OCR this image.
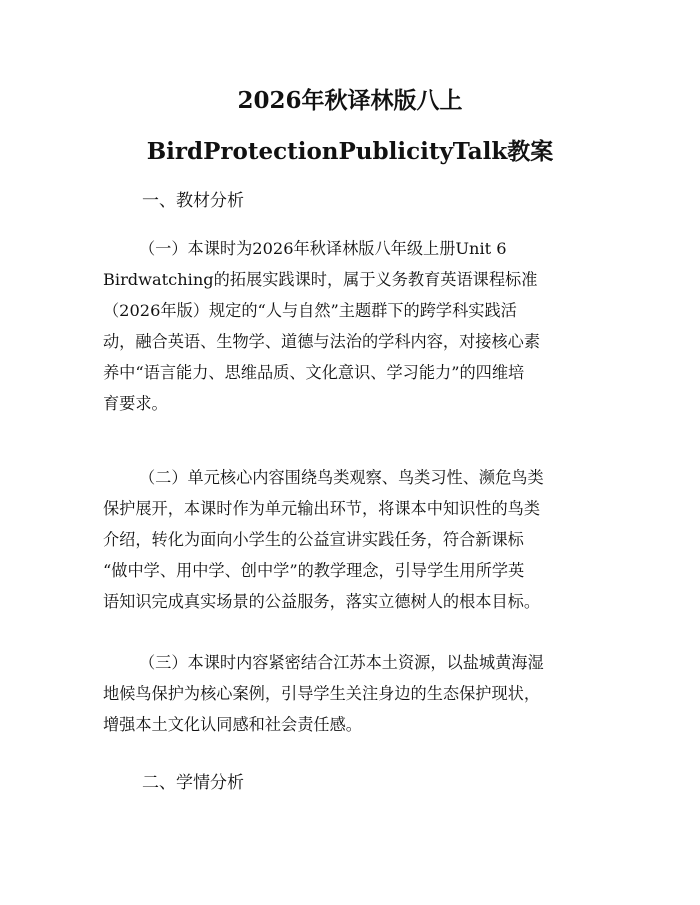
2026年秋译林版八上
BirdProtectionPublicityTalk教案
一、教材分析
（一）本课时为2026年秋译林版八年级上册Unit 6
Birdwatching的拓展实践课时，属于义务教育英语课程标准
（2026年版）规定的“人与自然”主题群下的跨学科实践活
动，融合英语、生物学、道德与法治的学科内容，对接核心素
养中“语言能力、思维品质、文化意识、学习能力”的四维培
育要求。
（二）单元核心内容围绕鸟类观察、鸟类习性、濒危鸟类
保护展开，本课时作为单元输出环节，将课本中知识性的鸟类
介绍，转化为面向小学生的公益宣讲实践任务，符合新课标
“做中学、用中学、创中学”的教学理念，引导学生用所学英
语知识完成真实场景的公益服务，落实立德树人的根本目标。
（三）本课时内容紧密结合江苏本土资源，以盐城黄海湿
地候鸟保护为核心案例，引导学生关注身边的生态保护现状，
增强本土文化认同感和社会责任感。
二、学情分析
